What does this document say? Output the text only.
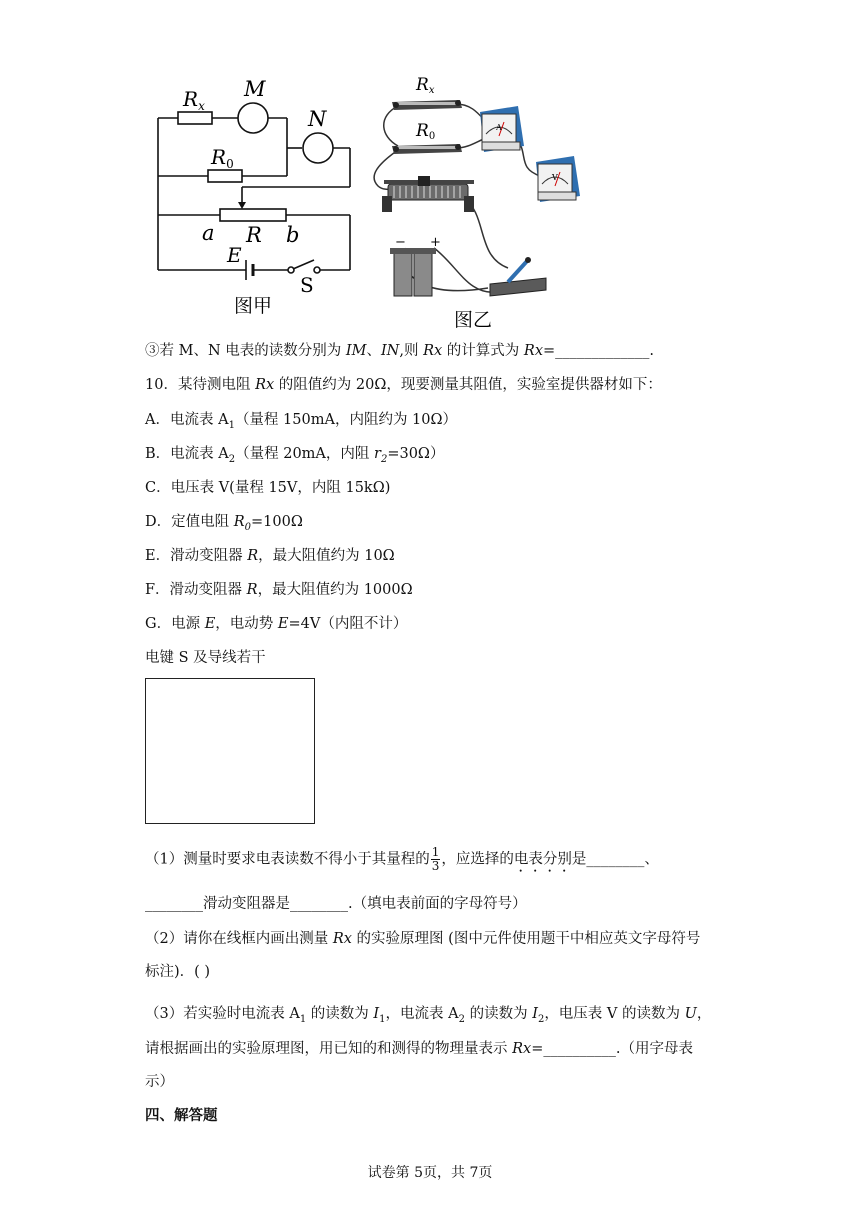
$R_x$
M
N
$R_0$
a R b
E
S
图甲
− +
Rx
R0
A
V
图乙
③若 M、N 电表的读数分别为 IM、IN,则 Rx 的计算式为 Rx=_____________.
10．某待测电阻 Rx 的阻值约为 20Ω，现要测量其阻值，实验室提供器材如下：
A．电流表 $A_1$（量程 150mA，内阻约为 10Ω）
B．电流表 $A_2$（量程 20mA，内阻 $r_2=30\Omega$）
C．电压表 V(量程 15V，内阻 15kΩ)
D．定值电阻 $R_0=100\Omega$
E．滑动变阻器 R，最大阻值约为 10Ω
F．滑动变阻器 R，最大阻值约为 1000Ω
G．电源 E，电动势 E=4V（内阻不计）
电键 S 及导线若干
（1）测量时要求电表读数不得小于其量程的 $\frac{1}{3}$ ，应选择的电表分别是________、
________滑动变阻器是________.（填电表前面的字母符号）
（2）请你在线框内画出测量 Rx 的实验原理图 (图中元件使用题干中相应英文字母符号
标注)．( )
（3）若实验时电流表 $A_1$ 的读数为 $I_1$，电流表 $A_2$ 的读数为 $I_2$，电压表 V 的读数为 U，
请根据画出的实验原理图，用已知的和测得的物理量表示 Rx=__________.（用字母表
示）
四、解答题
试卷第 5页，共 7页
